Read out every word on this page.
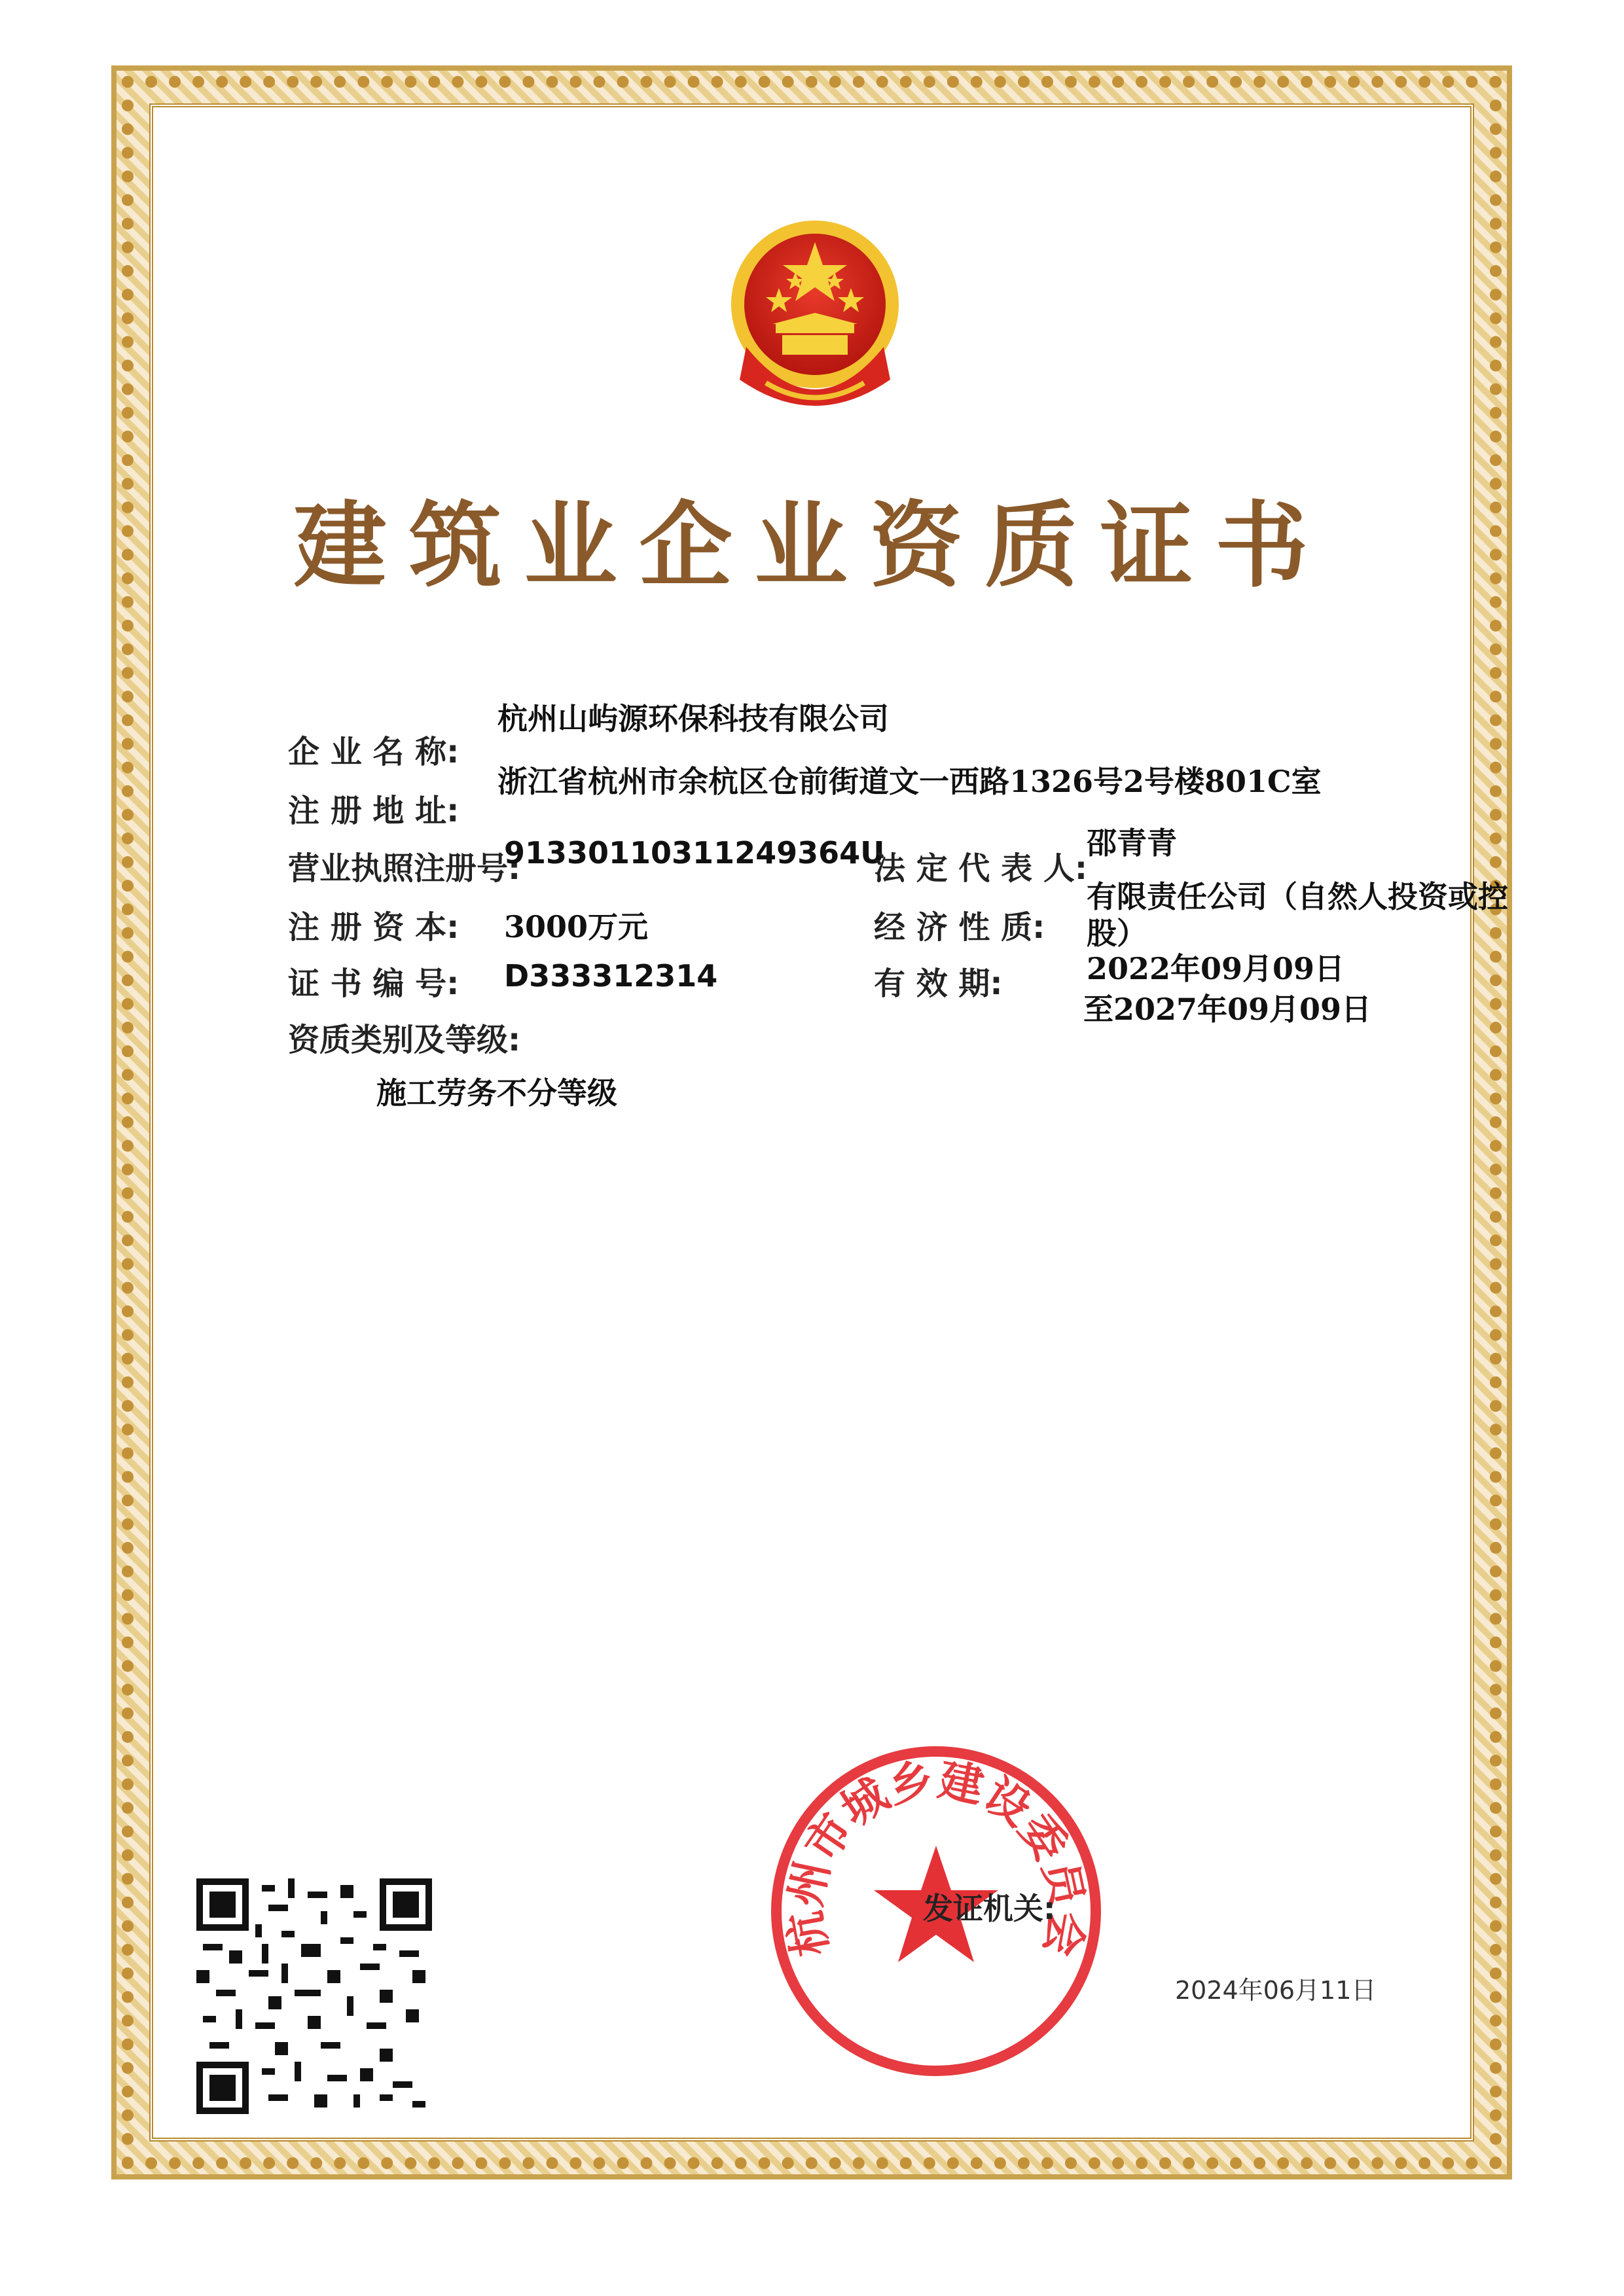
建筑业企业资质证书
杭州山屿源环保科技有限公司
企 业 名 称:
浙江省杭州市余杭区仓前街道文一西路1326号2号楼801C室
注 册 地 址:
营业执照注册号:
91330110311249364U
注 册 资 本: 3000万元
证 书 编 号: D333312314
资质类别及等级:
施工劳务不分等级
法 定 代 表 人:
邵青青
经 济 性 质:
有限责任公司（自然人投资或控
股）
有 效 期:	2022年09月09日
至2027年09月09日
杭州市城乡建设委员会
发证机关:
2024年06月11日
